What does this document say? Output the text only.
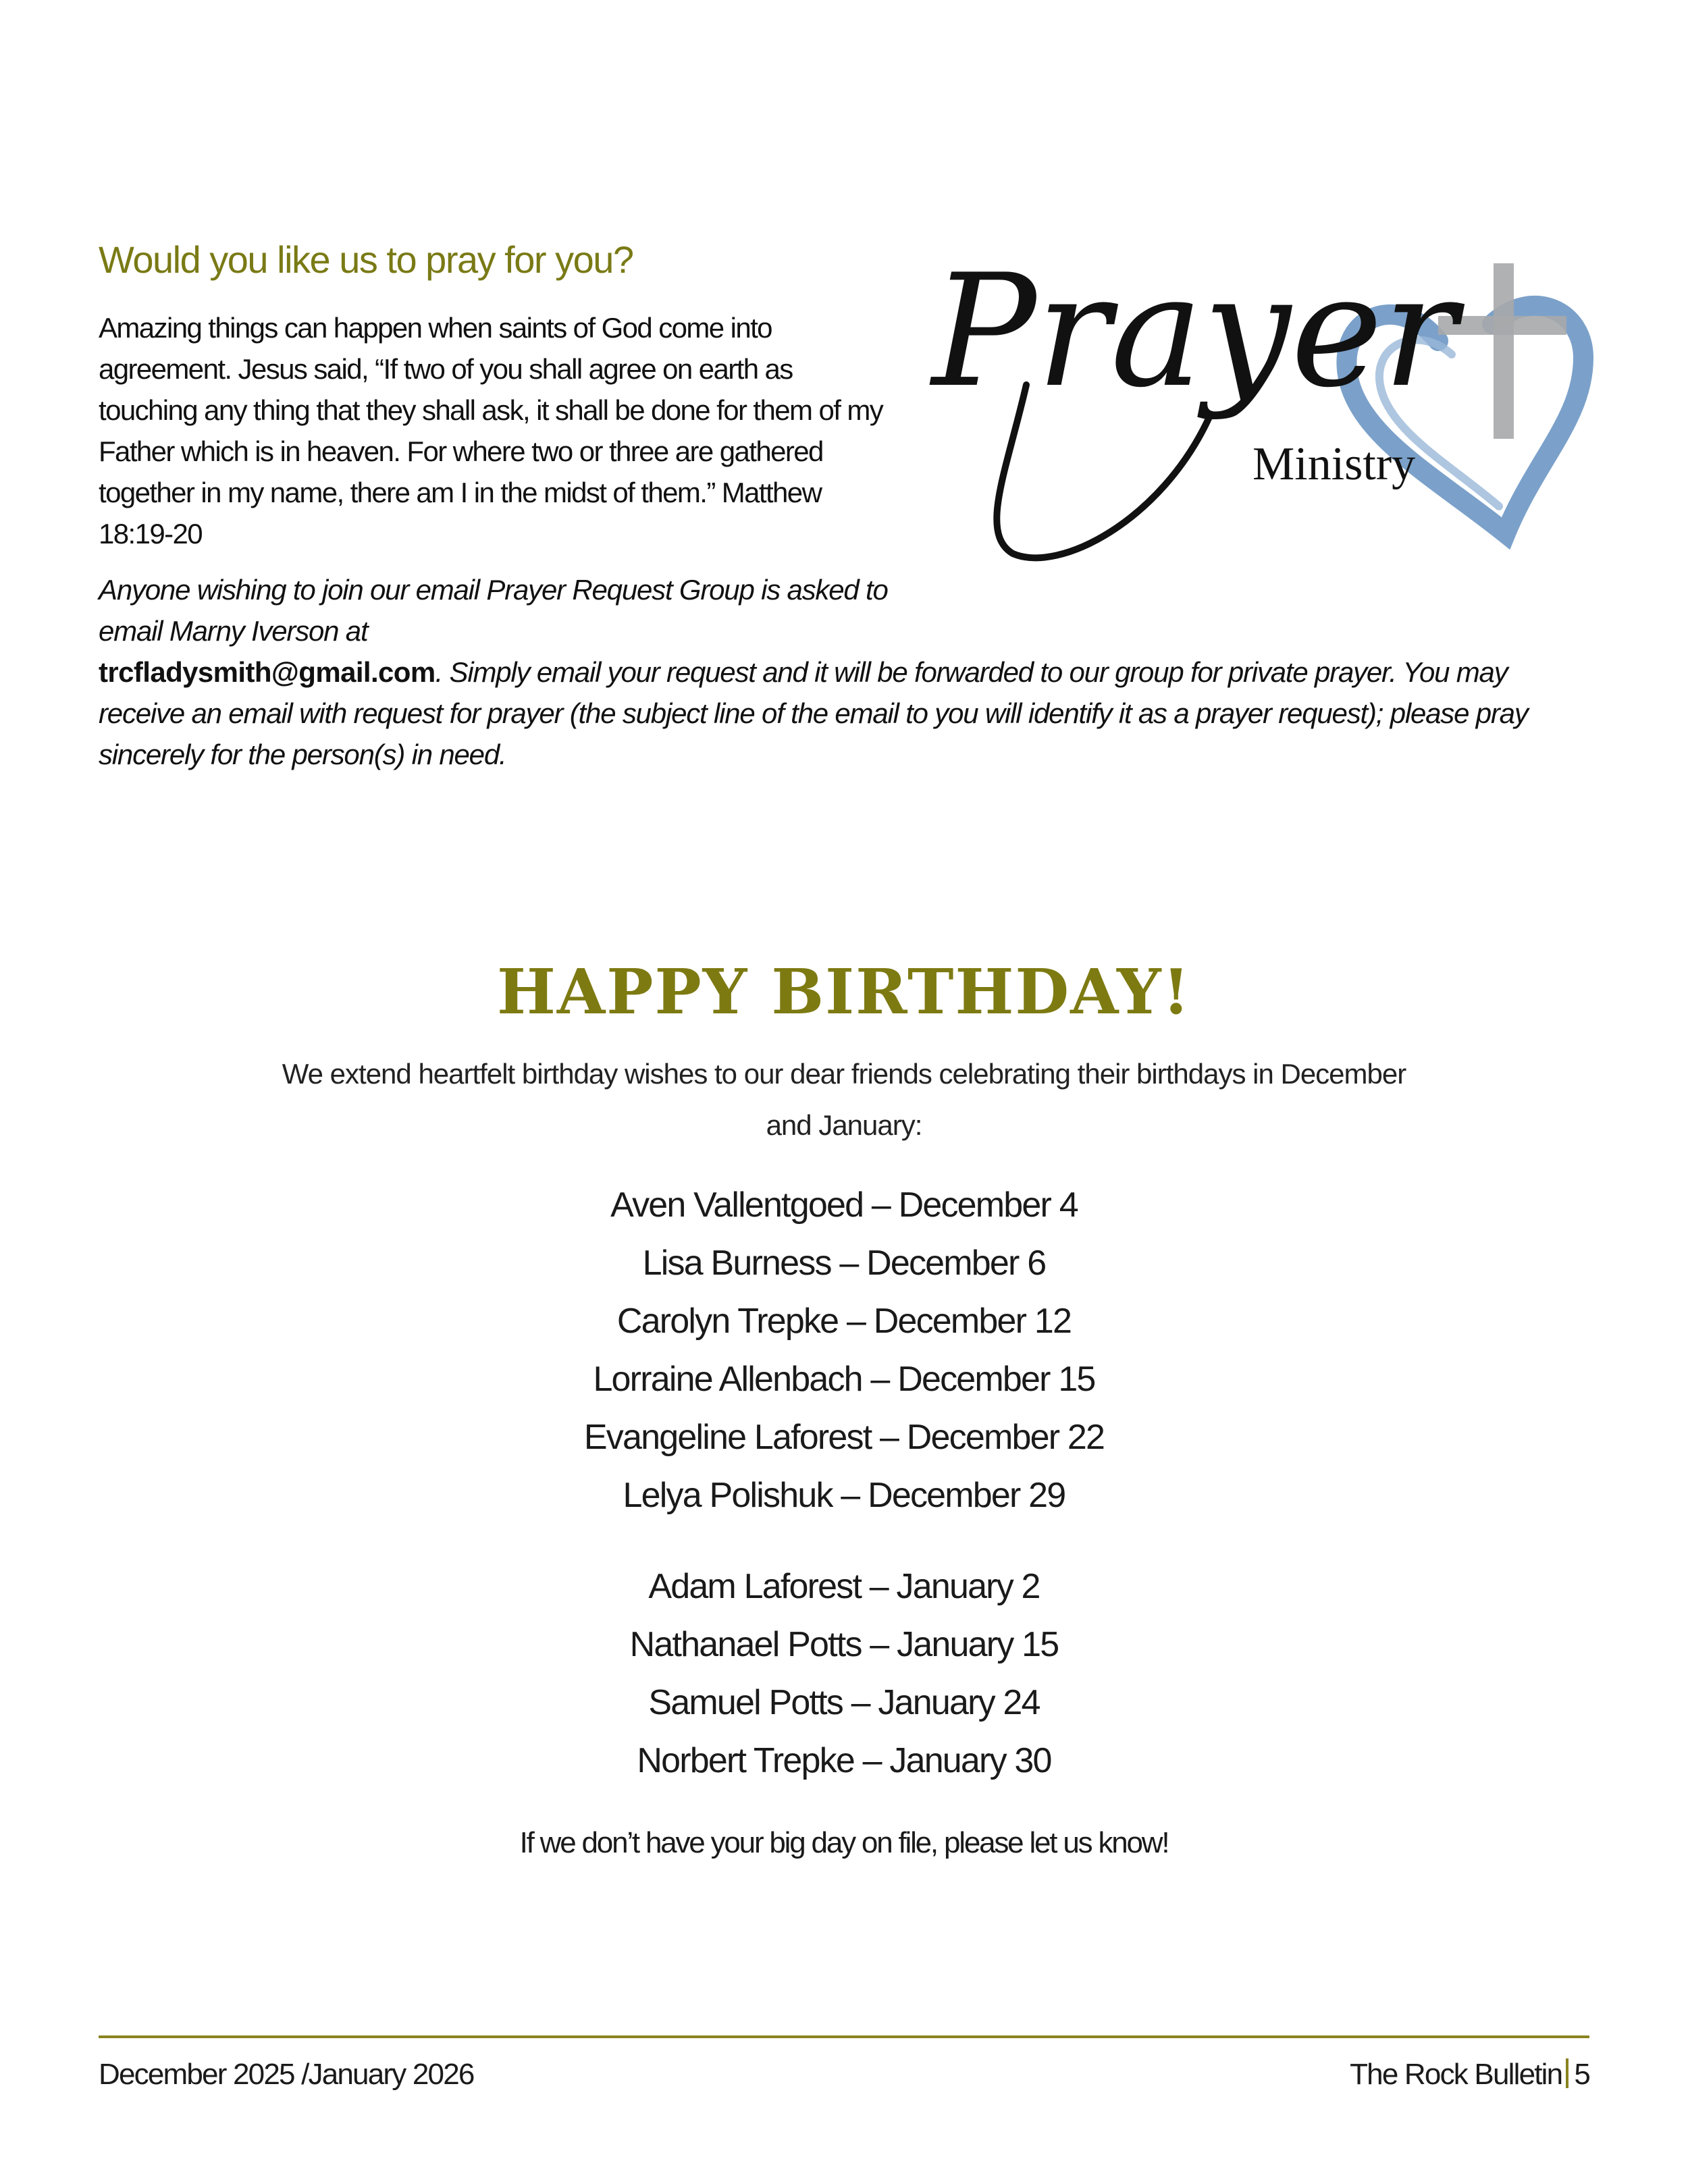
Would you like us to pray for you?

Amazing things can happen when saints of God come into agreement. Jesus said, “If two of you shall agree on earth as touching any thing that they shall ask, it shall be done for them of my Father which is in heaven. For where two or three are gathered together in my name, there am I in the midst of them.” Matthew 18:19-20

Anyone wishing to join our email Prayer Request Group is asked to email Marny Iverson at
trcfladysmith@gmail.com. Simply email your request and it will be forwarded to our group for private prayer. You may receive an email with request for prayer (the subject line of the email to you will identify it as a prayer request); please pray sincerely for the person(s) in need.

Prayer
Ministry
HAPPY BIRTHDAY!

We extend heartfelt birthday wishes to our dear friends celebrating their birthdays in December and January:

Aven Vallentgoed – December 4
Lisa Burness – December 6
Carolyn Trepke – December 12
Lorraine Allenbach – December 15
Evangeline Laforest – December 22
Lelya Polishuk – December 29
Adam Laforest – January 2
Nathanael Potts – January 15
Samuel Potts – January 24
Norbert Trepke – January 30

If we don’t have your big day on file, please let us know!

December 2025 /January 2026	The Rock Bulletin 5
